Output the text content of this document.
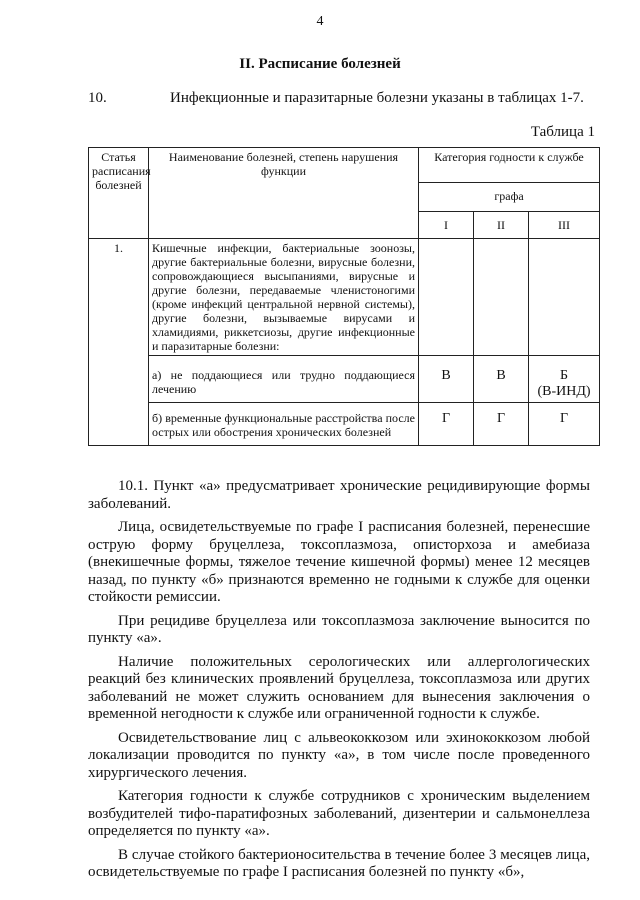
4
II. Расписание болезней
10.	Инфекционные и паразитарные болезни указаны в таблицах 1-7.
Таблица 1
Статья расписания болезней	Наименование болезней, степень нарушения функции	Категория годности к службе		
		графа		
		I	II	III
1.	Кишечные инфекции, бактериальные зоонозы, другие бактериальные болезни, вирусные болезни, сопровождающиеся высыпаниями, вирусные и другие болезни, передаваемые членистоногими (кроме инфекций центральной нервной системы), другие болезни, вызываемые вирусами и хламидиями, риккетсиозы, другие инфекционные и паразитарные болезни:			
	а) не поддающиеся или трудно поддающиеся лечению	В	В	Б
(В-ИНД)

	б) временные функциональные расстройства после острых или обострения хронических болезней	Г	Г	Г

10.1. Пункт «а» предусматривает хронические рецидивирующие формы заболеваний.

Лица, освидетельствуемые по графе I расписания болезней, перенесшие острую форму бруцеллеза, токсоплазмоза, описторхоза и амебиаза (внекишечные формы, тяжелое течение кишечной формы) менее 12 месяцев назад, по пункту «б» признаются временно не годными к службе для оценки стойкости ремиссии.

При рецидиве бруцеллеза или токсоплазмоза заключение выносится по пункту «а».

Наличие положительных серологических или аллергологических реакций без клинических проявлений бруцеллеза, токсоплазмоза или других заболеваний не может служить основанием для вынесения заключения о временной негодности к службе или ограниченной годности к службе.

Освидетельствование лиц с альвеококкозом или эхинококкозом любой локализации проводится по пункту «а», в том числе после проведенного хирургического лечения.

Категория годности к службе сотрудников с хроническим выделением возбудителей тифо-паратифозных заболеваний, дизентерии и сальмонеллеза определяется по пункту «а».

В случае стойкого бактерионосительства в течение более 3 месяцев лица, освидетельствуемые по графе I расписания болезней по пункту «б»,
